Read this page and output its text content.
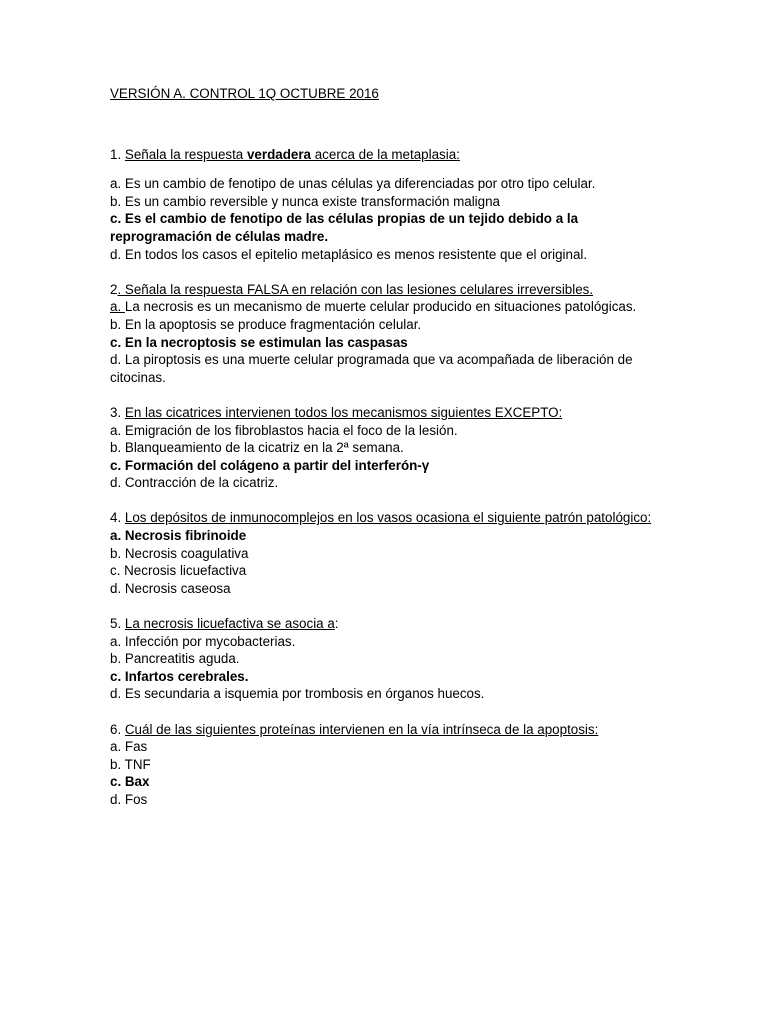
VERSIÓN A. CONTROL 1Q OCTUBRE 2016

1. Señala la respuesta verdadera acerca de la metaplasia:

a. Es un cambio de fenotipo de unas células ya diferenciadas por otro tipo celular.

b. Es un cambio reversible y nunca existe transformación maligna

c. Es el cambio de fenotipo de las células propias de un tejido debido a la reprogramación de células madre.

d. En todos los casos el epitelio metaplásico es menos resistente que el original.

2. Señala la respuesta FALSA en relación con las lesiones celulares irreversibles.

a. La necrosis es un mecanismo de muerte celular producido en situaciones patológicas.

b. En la apoptosis se produce fragmentación celular.

c. En la necroptosis se estimulan las caspasas

d. La piroptosis es una muerte celular programada que va acompañada de liberación de citocinas.

3. En las cicatrices intervienen todos los mecanismos siguientes EXCEPTO:

a. Emigración de los fibroblastos hacia el foco de la lesión.

b. Blanqueamiento de la cicatriz en la 2ª semana.

c. Formación del colágeno a partir del interferón-γ

d. Contracción de la cicatriz.

4. Los depósitos de inmunocomplejos en los vasos ocasiona el siguiente patrón patológico:

a. Necrosis fibrinoide

b. Necrosis coagulativa

c. Necrosis licuefactiva

d. Necrosis caseosa

5. La necrosis licuefactiva se asocia a:

a. Infección por mycobacterias.

b. Pancreatitis aguda.

c. Infartos cerebrales.

d. Es secundaria a isquemia por trombosis en órganos huecos.

6. Cuál de las siguientes proteínas intervienen en la vía intrínseca de la apoptosis:

a. Fas

b. TNF

c. Bax

d. Fos
